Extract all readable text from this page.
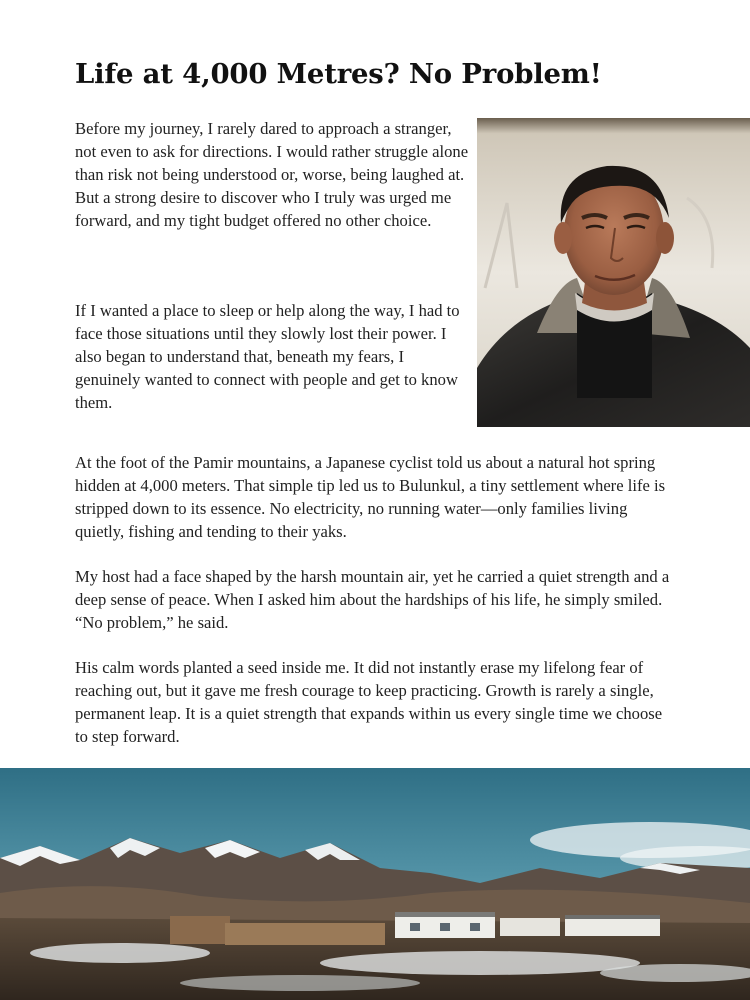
Life at 4,000 Metres? No Problem!

Before my journey, I rarely dared to approach a stranger, not even to ask for directions. I would rather struggle alone than risk not being understood or, worse, being laughed at. But a strong desire to discover who I truly was urged me forward, and my tight budget offered no other choice.

If I wanted a place to sleep or help along the way, I had to face those situations until they slowly lost their power. I also began to understand that, beneath my fears, I genuinely wanted to connect with people and get to know them.

At the foot of the Pamir mountains, a Japanese cyclist told us about a natural hot spring hidden at 4,000 meters. That simple tip led us to Bulunkul, a tiny settlement where life is stripped down to its essence. No electricity, no running water—only families living quietly, fishing and tending to their yaks.

My host had a face shaped by the harsh mountain air, yet he carried a quiet strength and a deep sense of peace. When I asked him about the hardships of his life, he simply smiled. “No problem,” he said.

His calm words planted a seed inside me. It did not instantly erase my lifelong fear of reaching out, but it gave me fresh courage to keep practicing. Growth is rarely a single, permanent leap. It is a quiet strength that expands within us every single time we choose to step forward.
